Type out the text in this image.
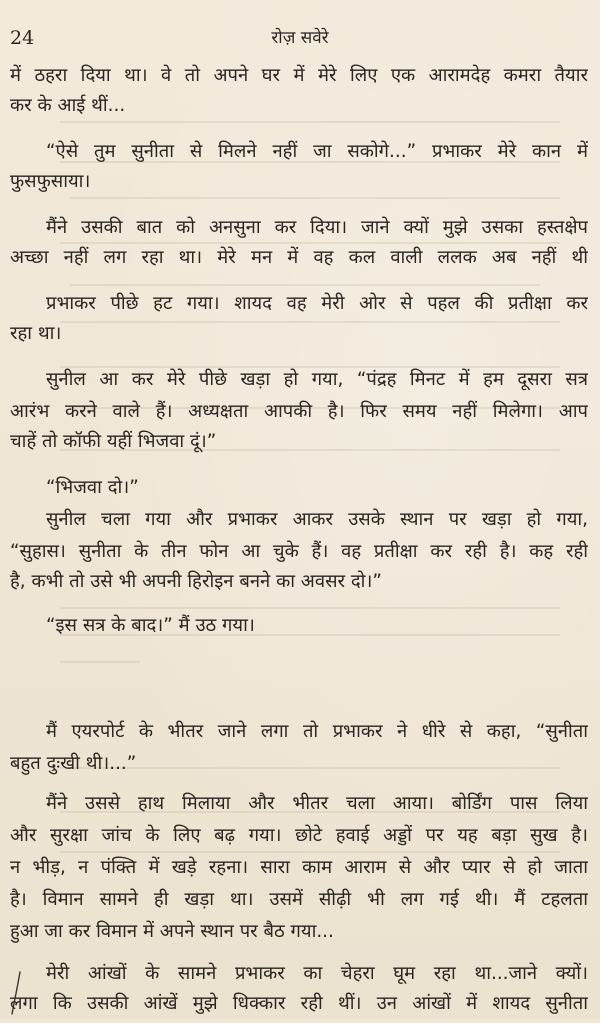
24	रोज़ सवेरे
में ठहरा दिया था। वे तो अपने घर में मेरे लिए एक आरामदेह कमरा तैयार
कर के आई थीं...
“ऐसे तुम सुनीता से मिलने नहीं जा सकोगे...” प्रभाकर मेरे कान में
फुसफुसाया।
मैंने उसकी बात को अनसुना कर दिया। जाने क्यों मुझे उसका हस्तक्षेप
अच्छा नहीं लग रहा था। मेरे मन में वह कल वाली ललक अब नहीं थी
प्रभाकर पीछे हट गया। शायद वह मेरी ओर से पहल की प्रतीक्षा कर
रहा था।
सुनील आ कर मेरे पीछे खड़ा हो गया, “पंद्रह मिनट में हम दूसरा सत्र
आरंभ करने वाले हैं। अध्यक्षता आपकी है। फिर समय नहीं मिलेगा। आप
चाहें तो कॉफी यहीं भिजवा दूं।”
“भिजवा दो।”
सुनील चला गया और प्रभाकर आकर उसके स्थान पर खड़ा हो गया,
“सुहास। सुनीता के तीन फोन आ चुके हैं। वह प्रतीक्षा कर रही है। कह रही
है, कभी तो उसे भी अपनी हिरोइन बनने का अवसर दो।”
“इस सत्र के बाद।” मैं उठ गया।
मैं एयरपोर्ट के भीतर जाने लगा तो प्रभाकर ने धीरे से कहा, “सुनीता
बहुत दुःखी थी।...”
मैंने उससे हाथ मिलाया और भीतर चला आया। बोर्डिंग पास लिया
और सुरक्षा जांच के लिए बढ़ गया। छोटे हवाई अड्डों पर यह बड़ा सुख है।
न भीड़, न पंक्ति में खड़े रहना। सारा काम आराम से और प्यार से हो जाता
है। विमान सामने ही खड़ा था। उसमें सीढ़ी भी लग गई थी। मैं टहलता
हुआ जा कर विमान में अपने स्थान पर बैठ गया...
मेरी आंखों के सामने प्रभाकर का चेहरा घूम रहा था...जाने क्यों।
लगा कि उसकी आंखें मुझे धिक्कार रही थीं। उन आंखों में शायद सुनीता
